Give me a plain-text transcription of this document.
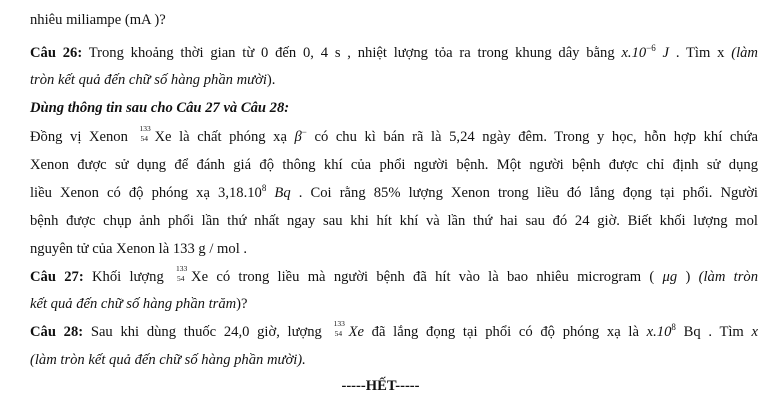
nhiêu miliampe (mA )?
Câu 26: Trong khoảng thời gian từ 0 đến 0, 4 s , nhiệt lượng tỏa ra trong khung dây bằng $x.10^{-6}$ J . Tìm x (làm
tròn kết quả đến chữ số hàng phần mười).
Dùng thông tin sau cho Câu 27 và Câu 28:
Đồng vị Xenon
133
54 Xe là chất phóng xạ β− có chu kì bán rã là 5,24 ngày đêm. Trong y học, hỗn hợp khí chứa
Xenon được sử dụng để đánh giá độ thông khí của phổi người bệnh. Một người bệnh được chỉ định sử dụng
liều Xenon có độ phóng xạ 3,18.10$^8$ Bq . Coi rằng 85% lượng Xenon trong liều đó lắng đọng tại phổi. Người
bệnh được chụp ảnh phổi lần thứ nhất ngay sau khi hít khí và lần thứ hai sau đó 24 giờ. Biết khối lượng mol
nguyên tử của Xenon là 133 g / mol .
Câu 27: Khối lượng
133
54 Xe có trong liều mà người bệnh đã hít vào là bao nhiêu microgram ( μg ) (làm tròn
kết quả đến chữ số hàng phần trăm)?
Câu 28: Sau khi dùng thuốc 24,0 giờ, lượng
133
54 Xe đã lắng đọng tại phổi có độ phóng xạ là $x.10^8$ Bq . Tìm x
(làm tròn kết quả đến chữ số hàng phần mười).
-----HẾT-----
